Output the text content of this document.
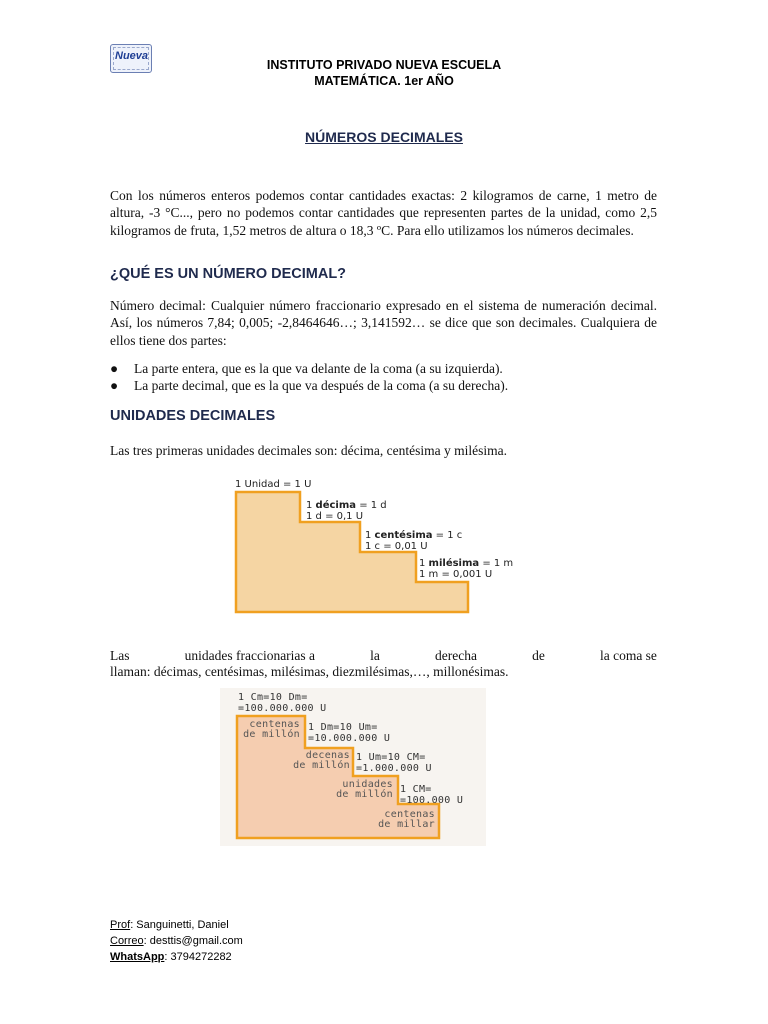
Nueva
INSTITUTO PRIVADO NUEVA ESCUELA
MATEMÁTICA. 1er AÑO
NÚMEROS DECIMALES
Con los números enteros podemos contar cantidades exactas: 2 kilogramos de carne, 1 metro de altura, -3 °C..., pero no podemos contar cantidades que representen partes de la unidad, como 2,5 kilogramos de fruta, 1,52 metros de altura o 18,3 ºC. Para ello utilizamos los números decimales.
¿QUÉ ES UN NÚMERO DECIMAL?
Número decimal: Cualquier número fraccionario expresado en el sistema de numeración decimal. Así, los números 7,84; 0,005; -2,8464646…; 3,141592… se dice que son decimales. Cualquiera de ellos tiene dos partes:
● La parte entera, que es la que va delante de la coma (a su izquierda).
● La parte decimal, que es la que va después de la coma (a su derecha).
UNIDADES DECIMALES
Las tres primeras unidades decimales son: décima, centésima y milésima.
1 Unidad = 1 U
1 décima = 1 d
1 d = 0,1 U
1 centésima = 1 c
1 c = 0,01 U
1 milésima = 1 m
1 m = 0,001 U
Las	unidades fraccionarias a	la	derecha	de	la coma se
llaman: décimas, centésimas, milésimas, diezmilésimas,…, millonésimas.
1 Cm=10 Dm=
=100.000.000 U
centenas
de millón
1 Dm=10 Um=
=10.000.000 U
decenas
de millón
1 Um=10 CM=
=1.000.000 U
unidades
de millón 1 CM=
=100.000 U
centenas
de millar
Prof: Sanguinetti, Daniel
Correo: desttis@gmail.com
WhatsApp: 3794272282
